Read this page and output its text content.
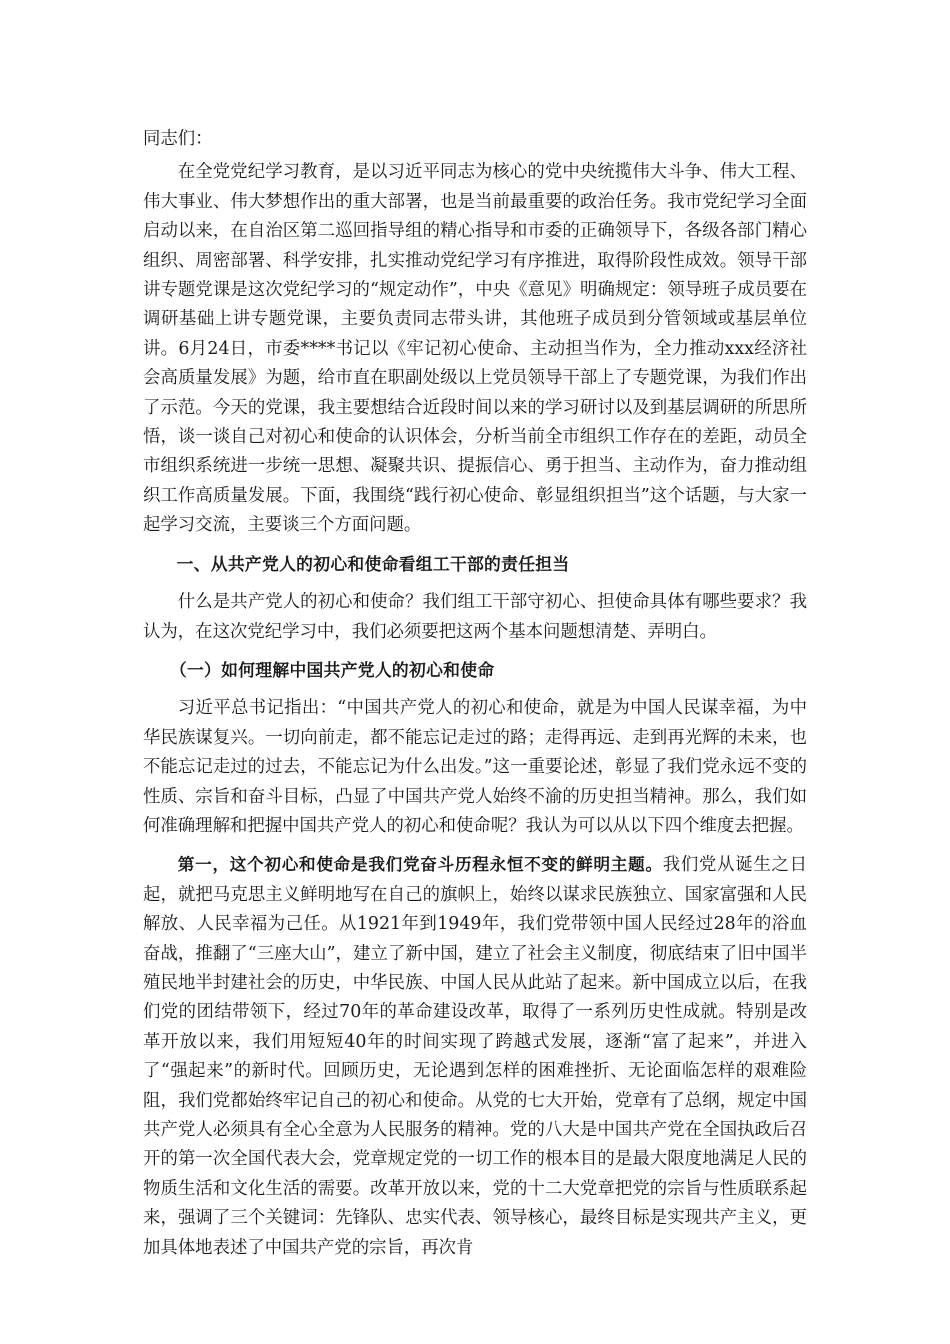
同志们：

在全党党纪学习教育，是以习近平同志为核心的党中央统揽伟大斗争、伟大工程、伟大事业、伟大梦想作出的重大部署，也是当前最重要的政治任务。我市党纪学习全面启动以来，在自治区第二巡回指导组的精心指导和市委的正确领导下，各级各部门精心组织、周密部署、科学安排，扎实推动党纪学习有序推进，取得阶段性成效。领导干部讲专题党课是这次党纪学习的“规定动作”，中央《意见》明确规定：领导班子成员要在调研基础上讲专题党课，主要负责同志带头讲，其他班子成员到分管领域或基层单位讲。6月24日，市委****书记以《牢记初心使命、主动担当作为，全力推动xxx经济社会高质量发展》为题，给市直在职副处级以上党员领导干部上了专题党课，为我们作出了示范。今天的党课，我主要想结合近段时间以来的学习研讨以及到基层调研的所思所悟，谈一谈自己对初心和使命的认识体会，分析当前全市组织工作存在的差距，动员全市组织系统进一步统一思想、凝聚共识、提振信心、勇于担当、主动作为，奋力推动组织工作高质量发展。下面，我围绕“践行初心使命、彰显组织担当”这个话题，与大家一起学习交流，主要谈三个方面问题。

一、从共产党人的初心和使命看组工干部的责任担当

什么是共产党人的初心和使命？我们组工干部守初心、担使命具体有哪些要求？我认为，在这次党纪学习中，我们必须要把这两个基本问题想清楚、弄明白。

（一）如何理解中国共产党人的初心和使命

习近平总书记指出：“中国共产党人的初心和使命，就是为中国人民谋幸福，为中华民族谋复兴。一切向前走，都不能忘记走过的路；走得再远、走到再光辉的未来，也不能忘记走过的过去，不能忘记为什么出发。”这一重要论述，彰显了我们党永远不变的性质、宗旨和奋斗目标，凸显了中国共产党人始终不渝的历史担当精神。那么，我们如何准确理解和把握中国共产党人的初心和使命呢？我认为可以从以下四个维度去把握。

第一，这个初心和使命是我们党奋斗历程永恒不变的鲜明主题。我们党从诞生之日起，就把马克思主义鲜明地写在自己的旗帜上，始终以谋求民族独立、国家富强和人民解放、人民幸福为己任。从1921年到1949年，我们党带领中国人民经过28年的浴血奋战，推翻了“三座大山”，建立了新中国，建立了社会主义制度，彻底结束了旧中国半殖民地半封建社会的历史，中华民族、中国人民从此站了起来。新中国成立以后，在我们党的团结带领下，经过70年的革命建设改革，取得了一系列历史性成就。特别是改革开放以来，我们用短短40年的时间实现了跨越式发展，逐渐“富了起来”，并进入了“强起来”的新时代。回顾历史，无论遇到怎样的困难挫折、无论面临怎样的艰难险阻，我们党都始终牢记自己的初心和使命。从党的七大开始，党章有了总纲，规定中国共产党人必须具有全心全意为人民服务的精神。党的八大是中国共产党在全国执政后召开的第一次全国代表大会，党章规定党的一切工作的根本目的是最大限度地满足人民的物质生活和文化生活的需要。改革开放以来，党的十二大党章把党的宗旨与性质联系起来，强调了三个关键词：先锋队、忠实代表、领导核心，最终目标是实现共产主义，更加具体地表述了中国共产党的宗旨，再次肯
